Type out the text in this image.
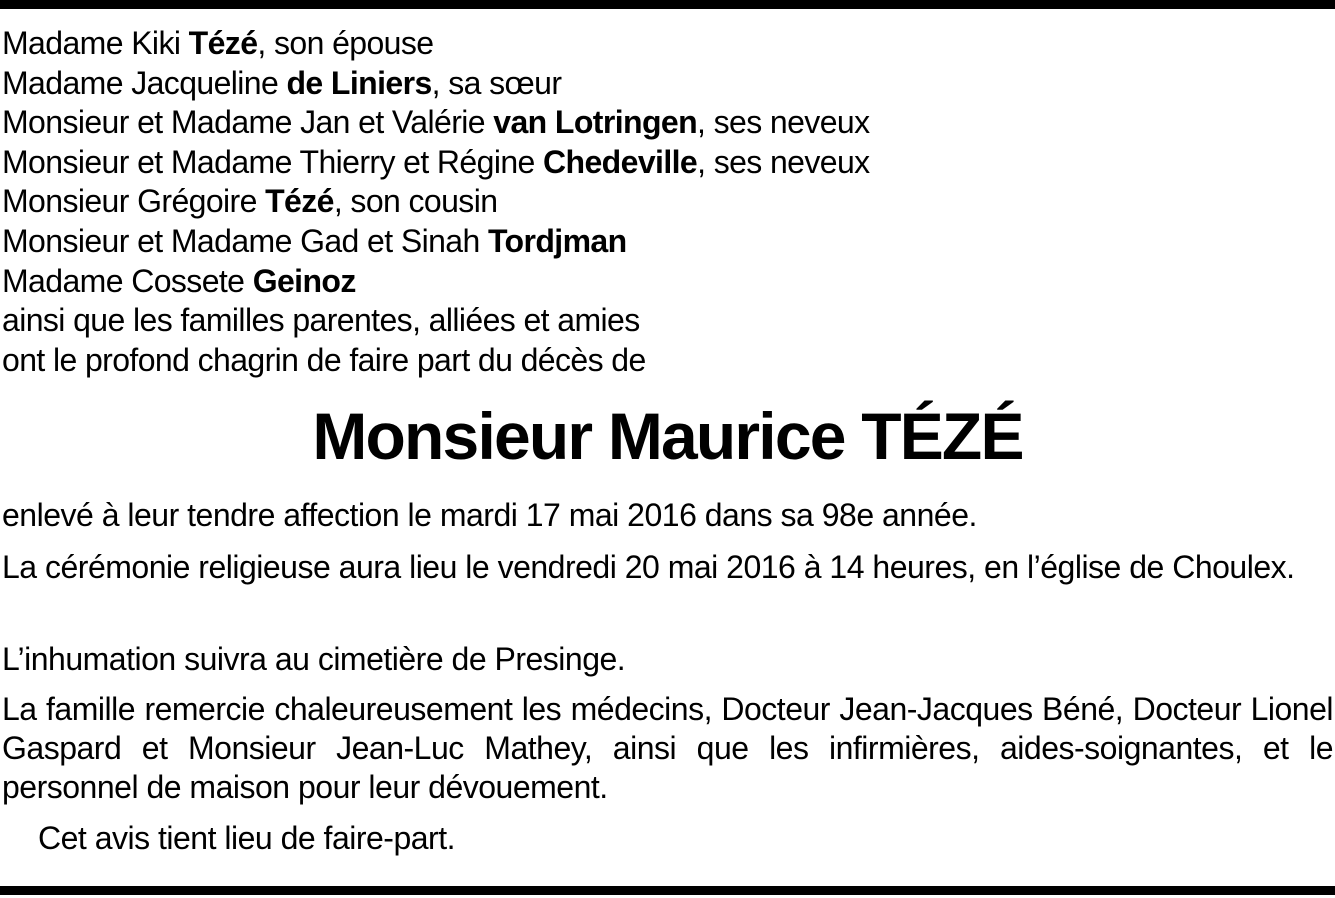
Madame Kiki Tézé, son épouse
Madame Jacqueline de Liniers, sa sœur
Monsieur et Madame Jan et Valérie van Lotringen, ses neveux
Monsieur et Madame Thierry et Régine Chedeville, ses neveux
Monsieur Grégoire Tézé, son cousin
Monsieur et Madame Gad et Sinah Tordjman
Madame Cossete Geinoz
ainsi que les familles parentes, alliées et amies
ont le profond chagrin de faire part du décès de
Monsieur Maurice TÉZÉ
enlevé à leur tendre affection le mardi 17 mai 2016 dans sa 98e année.
La cérémonie religieuse aura lieu le vendredi 20 mai 2016 à 14 heures, en l’église de Choulex.
L’inhumation suivra au cimetière de Presinge.
La famille remercie chaleureusement les médecins, Docteur Jean-Jacques Béné, Docteur Lionel Gaspard et Monsieur Jean-Luc Mathey, ainsi que les infirmières, aides-soignantes, et le personnel de maison pour leur dévouement.
Cet avis tient lieu de faire-part.
